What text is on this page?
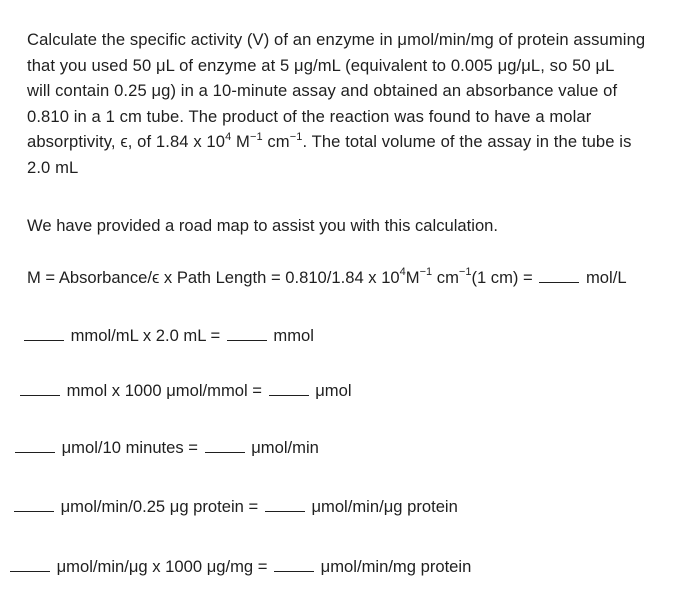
Calculate the specific activity (V) of an enzyme in μmol/min/mg of protein assuming
that you used 50 μL of enzyme at 5 μg/mL (equivalent to 0.005 μg/μL, so 50 μL
will contain 0.25 μg) in a 10-minute assay and obtained an absorbance value of
0.810 in a 1 cm tube. The product of the reaction was found to have a molar
absorptivity, ϵ, of 1.84 x $10^4$ $M^{-1}$ $cm^{-1}$. The total volume of the assay in the tube is
2.0 mL
We have provided a road map to assist you with this calculation.
M = Absorbance/ϵ x Path Length = 0.810/1.84 x $10^4M^{-1}$ $cm^{-1}(1$ cm) =	mol/L
mmol/mL x 2.0 mL =	mmol
mmol x 1000 μmol/mmol =	μmol
μmol/10 minutes =	μmol/min
μmol/min/0.25 μg protein =	μmol/min/μg protein
μmol/min/μg x 1000 μg/mg =	μmol/min/mg protein
